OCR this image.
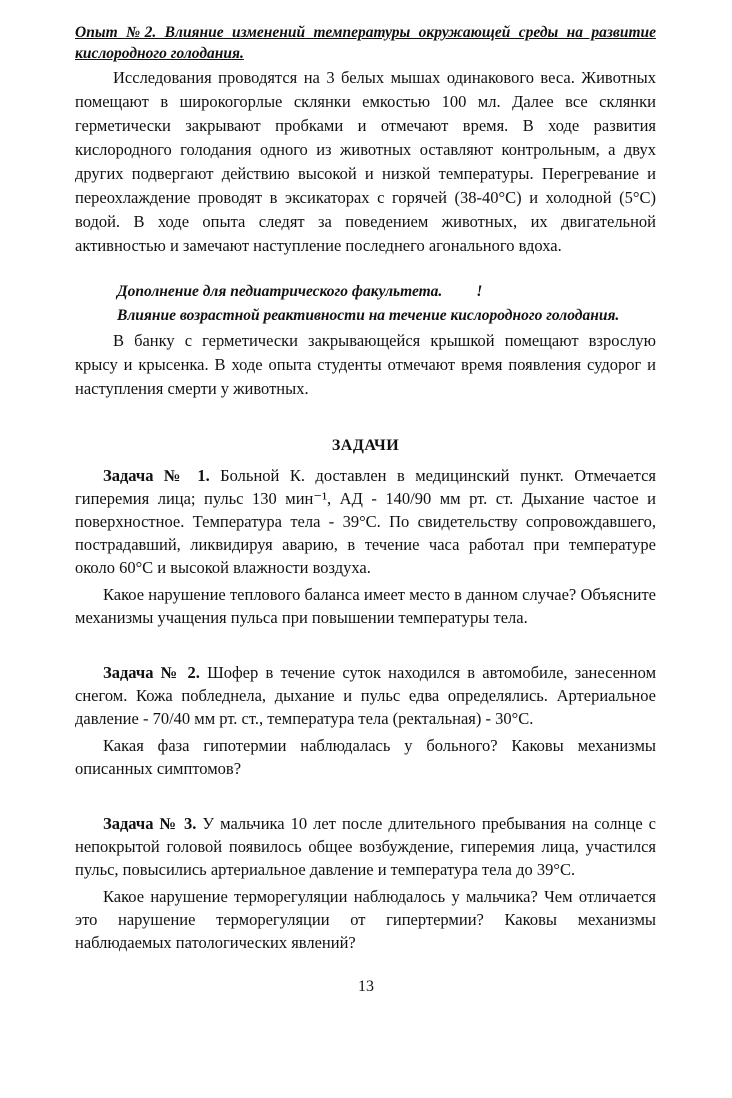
Опыт №2. Влияние изменений температуры окружающей среды на развитие кислородного голодания.

Исследования проводятся на 3 белых мышах одинакового веса. Животных помещают в широкогорлые склянки емкостью 100 мл. Далее все склянки герметически закрывают пробками и отмечают время. В ходе развития кислородного голодания одного из животных оставляют контрольным, а двух других подвергают действию высокой и низкой температуры. Перегревание и переохлаждение проводят в эксикаторах с горячей (38-40°С) и холодной (5°С) водой. В ходе опыта следят за поведением животных, их двигательной активностью и замечают наступление последнего агонального вдоха.

Дополнение для педиатрического факультета. !

Влияние возрастной реактивности на течение кислородного голодания.

В банку с герметически закрывающейся крышкой помещают взрослую крысу и крысенка. В ходе опыта студенты отмечают время появления судорог и наступления смерти у животных.

ЗАДАЧИ

Задача № 1. Больной К. доставлен в медицинский пункт. Отмечается гиперемия лица; пульс 130 мин⁻¹, АД - 140/90 мм рт. ст. Дыхание частое и поверхностное. Температура тела - 39°С. По свидетельству сопровождавшего, пострадавший, ликвидируя аварию, в течение часа работал при температуре около 60°С и высокой влажности воздуха.

Какое нарушение теплового баланса имеет место в данном случае? Объясните механизмы учащения пульса при повышении температуры тела.

Задача № 2. Шофер в течение суток находился в автомобиле, занесенном снегом. Кожа побледнела, дыхание и пульс едва определялись. Артериальное давление - 70/40 мм рт. ст., температура тела (ректальная) - 30°С.

Какая фаза гипотермии наблюдалась у больного? Каковы механизмы описанных симптомов?

Задача № 3. У мальчика 10 лет после длительного пребывания на солнце с непокрытой головой появилось общее возбуждение, гиперемия лица, участился пульс, повысились артериальное давление и температура тела до 39°С.

Какое нарушение терморегуляции наблюдалось у мальчика? Чем отличается это нарушение терморегуляции от гипертермии? Каковы механизмы наблюдаемых патологических явлений?

13
